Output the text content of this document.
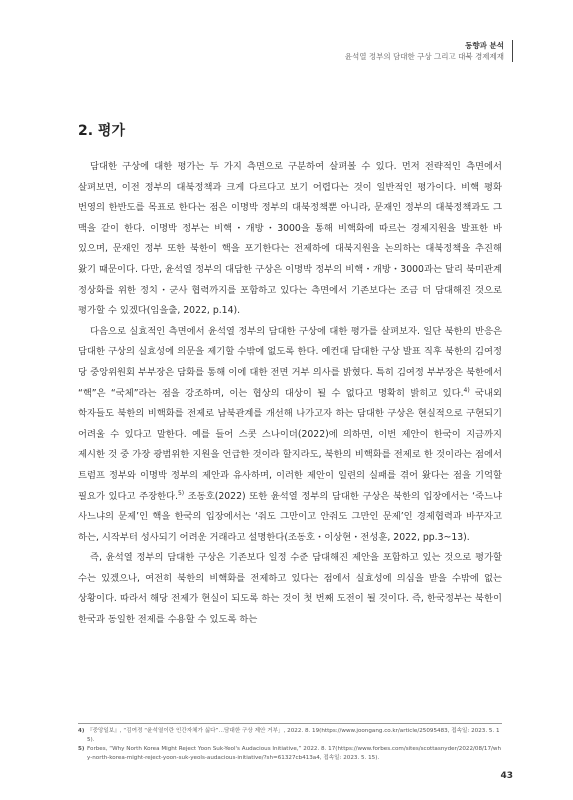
동향과 분석
윤석열 정부의 담대한 구상 그리고 대북 경제제재
2. 평가

담대한 구상에 대한 평가는 두 가지 측면으로 구분하여 살펴볼 수 있다. 먼저 전략적인 측면에서 살펴보면, 이전 정부의 대북정책과 크게 다르다고 보기 어렵다는 것이 일반적인 평가이다. 비핵 평화 번영의 한반도를 목표로 한다는 점은 이명박 정부의 대북정책뿐 아니라, 문재인 정부의 대북정책과도 그 맥을 같이 한다. 이명박 정부는 비핵・개방・3000을 통해 비핵화에 따르는 경제지원을 발표한 바 있으며, 문재인 정부 또한 북한이 핵을 포기한다는 전제하에 대북지원을 논의하는 대북정책을 추진해 왔기 때문이다. 다만, 윤석열 정부의 대담한 구상은 이명박 정부의 비핵・개방・3000과는 달리 북미관계 정상화를 위한 정치・군사 협력까지를 포함하고 있다는 측면에서 기존보다는 조금 더 담대해진 것으로 평가할 수 있겠다(임을출, 2022, p.14).

다음으로 실효적인 측면에서 윤석열 정부의 담대한 구상에 대한 평가를 살펴보자. 일단 북한의 반응은 담대한 구상의 실효성에 의문을 제기할 수밖에 없도록 한다. 예컨대 담대한 구상 발표 직후 북한의 김여정 당 중앙위원회 부부장은 담화를 통해 이에 대한 전면 거부 의사를 밝혔다. 특히 김여정 부부장은 북한에서 “핵”은 “국체”라는 점을 강조하며, 이는 협상의 대상이 될 수 없다고 명확히 밝히고 있다.$^{4)}$ 국내외 학자들도 북한의 비핵화를 전제로 남북관계를 개선해 나가고자 하는 담대한 구상은 현실적으로 구현되기 어려울 수 있다고 말한다. 예를 들어 스콧 스나이더(2022)에 의하면, 이번 제안이 한국이 지금까지 제시한 것 중 가장 광범위한 지원을 언급한 것이라 할지라도, 북한의 비핵화를 전제로 한 것이라는 점에서 트럼프 정부와 이명박 정부의 제안과 유사하며, 이러한 제안이 일련의 실패를 겪어 왔다는 점을 기억할 필요가 있다고 주장한다.$^{5)}$ 조동호(2022) 또한 윤석열 정부의 담대한 구상은 북한의 입장에서는 ‘죽느냐 사느냐의 문제’인 핵을 한국의 입장에서는 ‘줘도 그만이고 안줘도 그만인 문제’인 경제협력과 바꾸자고 하는, 시작부터 성사되기 어려운 거래라고 설명한다(조동호・이상현・전성훈, 2022, pp.3~13).

즉, 윤석열 정부의 담대한 구상은 기존보다 일정 수준 담대해진 제안을 포함하고 있는 것으로 평가할 수는 있겠으나, 여전히 북한의 비핵화를 전제하고 있다는 점에서 실효성에 의심을 받을 수밖에 없는 상황이다. 따라서 해당 전제가 현실이 되도록 하는 것이 첫 번째 도전이 될 것이다. 즉, 한국정부는 북한이 한국과 동일한 전제를 수용할 수 있도록 하는

4) 『중앙일보』, “김여정 “윤석열이란 인간자체가 싫다”…담대한 구상 제안 거부」, 2022. 8. 19(https://www.joongang.co.kr/article/25095483, 접속일: 2023. 5. 15).
5) Forbes, “Why North Korea Might Reject Yoon Suk-Yeol's Audacious Initiative,” 2022. 8. 17(https://www.forbes.com/sites/scottasnyder/2022/08/17/why-north-korea-might-reject-yoon-suk-yeols-audacious-initiative/?sh=61327cb413a4, 접속일: 2023. 5. 15).
43
